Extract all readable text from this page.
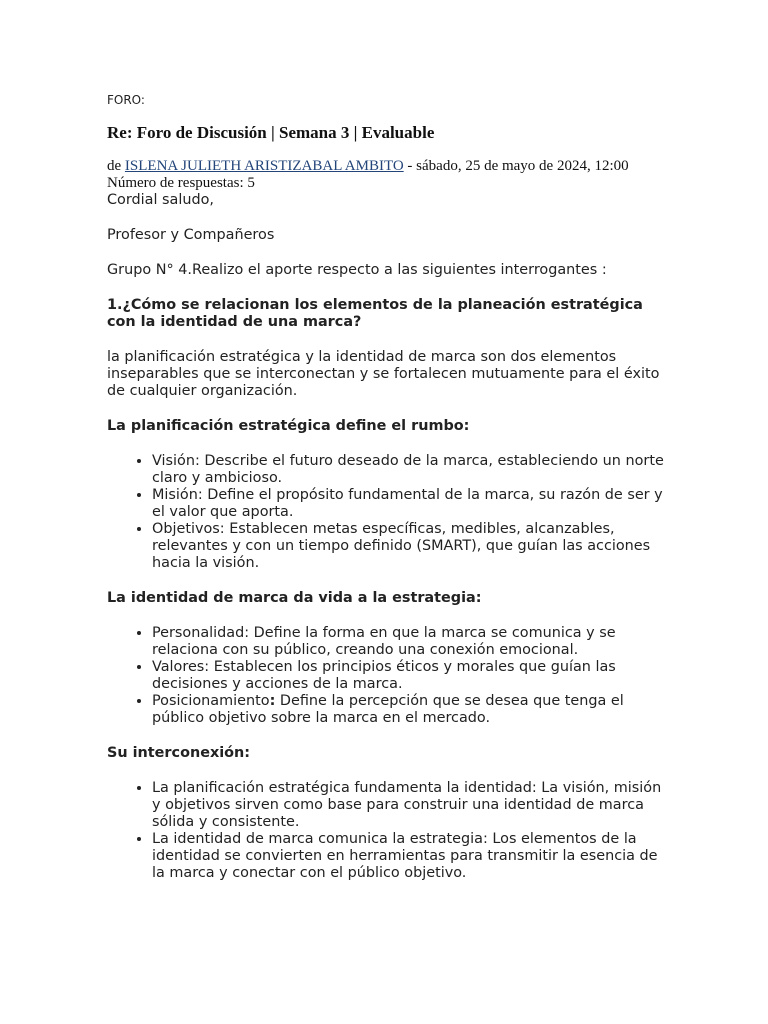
FORO:

Re: Foro de Discusión | Semana 3 | Evaluable

de ISLENA JULIETH ARISTIZABAL AMBITO - sábado, 25 de mayo de 2024, 12:00
Número de respuestas: 5

Cordial saludo,

Profesor y Compañeros

Grupo N° 4.Realizo el aporte respecto a las siguientes interrogantes :

1.¿Cómo se relacionan los elementos de la planeación estratégica con la identidad de una marca?

la planificación estratégica y la identidad de marca son dos elementos inseparables que se interconectan y se fortalecen mutuamente para el éxito de cualquier organización.

La planificación estratégica define el rumbo:

• Visión: Describe el futuro deseado de la marca, estableciendo un norte claro y ambicioso.
• Misión: Define el propósito fundamental de la marca, su razón de ser y el valor que aporta.
• Objetivos: Establecen metas específicas, medibles, alcanzables, relevantes y con un tiempo definido (SMART), que guían las acciones hacia la visión.

La identidad de marca da vida a la estrategia:

• Personalidad: Define la forma en que la marca se comunica y se relaciona con su público, creando una conexión emocional.
• Valores: Establecen los principios éticos y morales que guían las decisiones y acciones de la marca.
• Posicionamiento: Define la percepción que se desea que tenga el público objetivo sobre la marca en el mercado.

Su interconexión:

• La planificación estratégica fundamenta la identidad: La visión, misión y objetivos sirven como base para construir una identidad de marca sólida y consistente.
• La identidad de marca comunica la estrategia: Los elementos de la identidad se convierten en herramientas para transmitir la esencia de la marca y conectar con el público objetivo.
